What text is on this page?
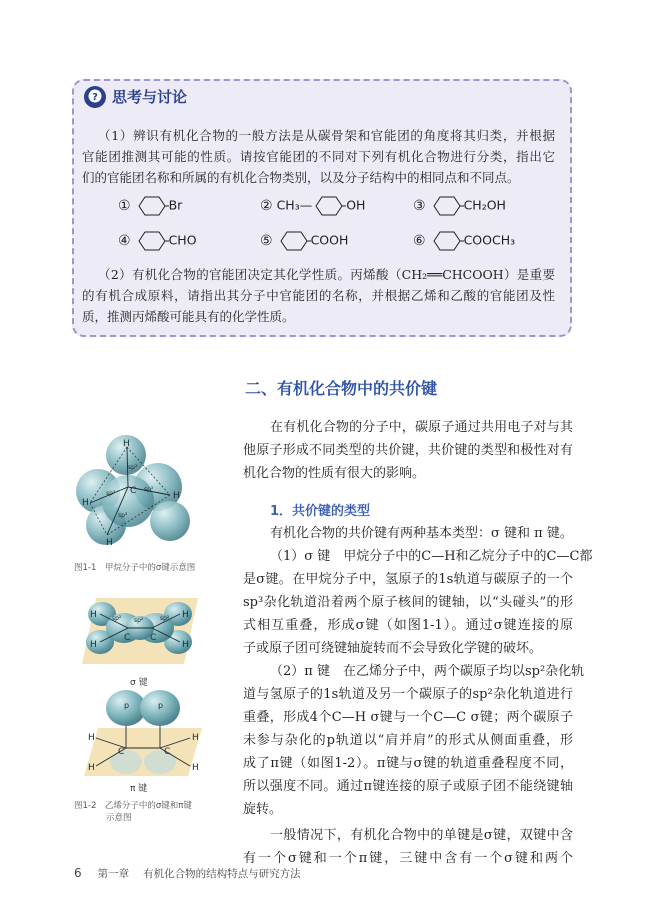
? 思考与讨论
（1）辨识有机化合物的一般方法是从碳骨架和官能团的角度将其归类，并根据
官能团推测其可能的性质。请按官能团的不同对下列有机化合物进行分类，指出它
们的官能团名称和所属的有机化合物类别，以及分子结构中的相同点和不同点。
①	Br	② CH₃—	OH	③	CH₂OH
④	CHO	⑤	COOH	⑥	COOCH₃
（2）有机化合物的官能团决定其化学性质。丙烯酸（CH₂══CHCOOH）是重要
的有机合成原料，请指出其分子中官能团的名称，并根据乙烯和乙酸的官能团及性
质，推测丙烯酸可能具有的化学性质。
二、有机化合物中的共价键
在有机化合物的分子中，碳原子通过共用电子对与其
他原子形成不同类型的共价键，共价键的类型和极性对有
机化合物的性质有很大的影响。
1．共价键的类型
有机化合物的共价键有两种基本类型：σ 键和 π 键。
（1）σ 键　甲烷分子中的C—H和乙烷分子中的C—C都
是σ键。在甲烷分子中，氢原子的1s轨道与碳原子的一个
sp³杂化轨道沿着两个原子核间的键轴，以“头碰头”的形
式相互重叠，形成σ键（如图1-1）。通过σ键连接的原
子或原子团可绕键轴旋转而不会导致化学键的破坏。
（2）π 键　在乙烯分子中，两个碳原子均以sp²杂化轨
道与氢原子的1s轨道及另一个碳原子的sp²杂化轨道进行
重叠，形成4个C—H σ键与一个C—C σ键；两个碳原子
未参与杂化的p轨道以“肩并肩”的形式从侧面重叠，形
成了π键（如图1-2）。π键与σ键的轨道重叠程度不同，
所以强度不同。通过π键连接的原子或原子团不能绕键轴
旋转。
一般情况下，有机化合物中的单键是σ键，双键中含
有一个σ键和一个π键，三键中含有一个σ键和两个
H
H
H
H
C
sp³
sp³
sp³
sp³
图1-1　甲烷分子中的σ键示意图
H
H
H
H
C C
sp² sp²	sp²
σ 键
H
H
H
H
C	C
p	p
π 键
图1-2　乙烯分子中的σ键和π键
示意图
6 第一章 有机化合物的结构特点与研究方法
